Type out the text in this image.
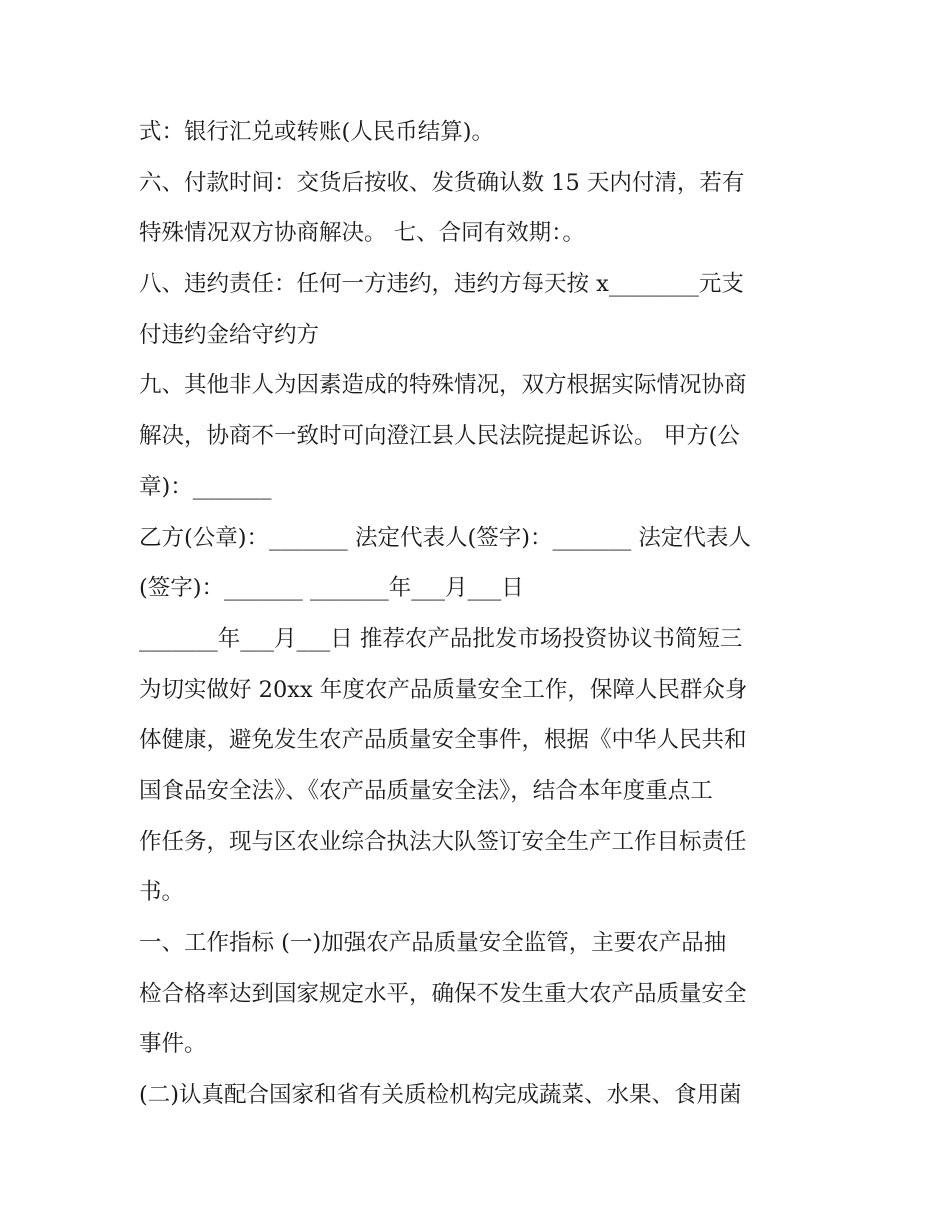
式：银行汇兑或转账(人民币结算)。
六、付款时间：交货后按收、发货确认数 15 天内付清，若有
特殊情况双方协商解决。 七、合同有效期：。
八、违约责任：任何一方违约，违约方每天按 x________元支
付违约金给守约方
九、其他非人为因素造成的特殊情况，双方根据实际情况协商
解决，协商不一致时可向澄江县人民法院提起诉讼。 甲方(公
章)：_______
乙方(公章)：_______ 法定代表人(签字)：_______ 法定代表人
(签字)：_______ _______年___月___日
_______年___月___日 推荐农产品批发市场投资协议书简短三
为切实做好 20xx 年度农产品质量安全工作，保障人民群众身
体健康，避免发生农产品质量安全事件，根据《中华人民共和
国食品安全法》、《农产品质量安全法》，结合本年度重点工
作任务，现与区农业综合执法大队签订安全生产工作目标责任
书。
一、工作指标 (一)加强农产品质量安全监管，主要农产品抽
检合格率达到国家规定水平，确保不发生重大农产品质量安全
事件。
(二)认真配合国家和省有关质检机构完成蔬菜、水果、食用菌
